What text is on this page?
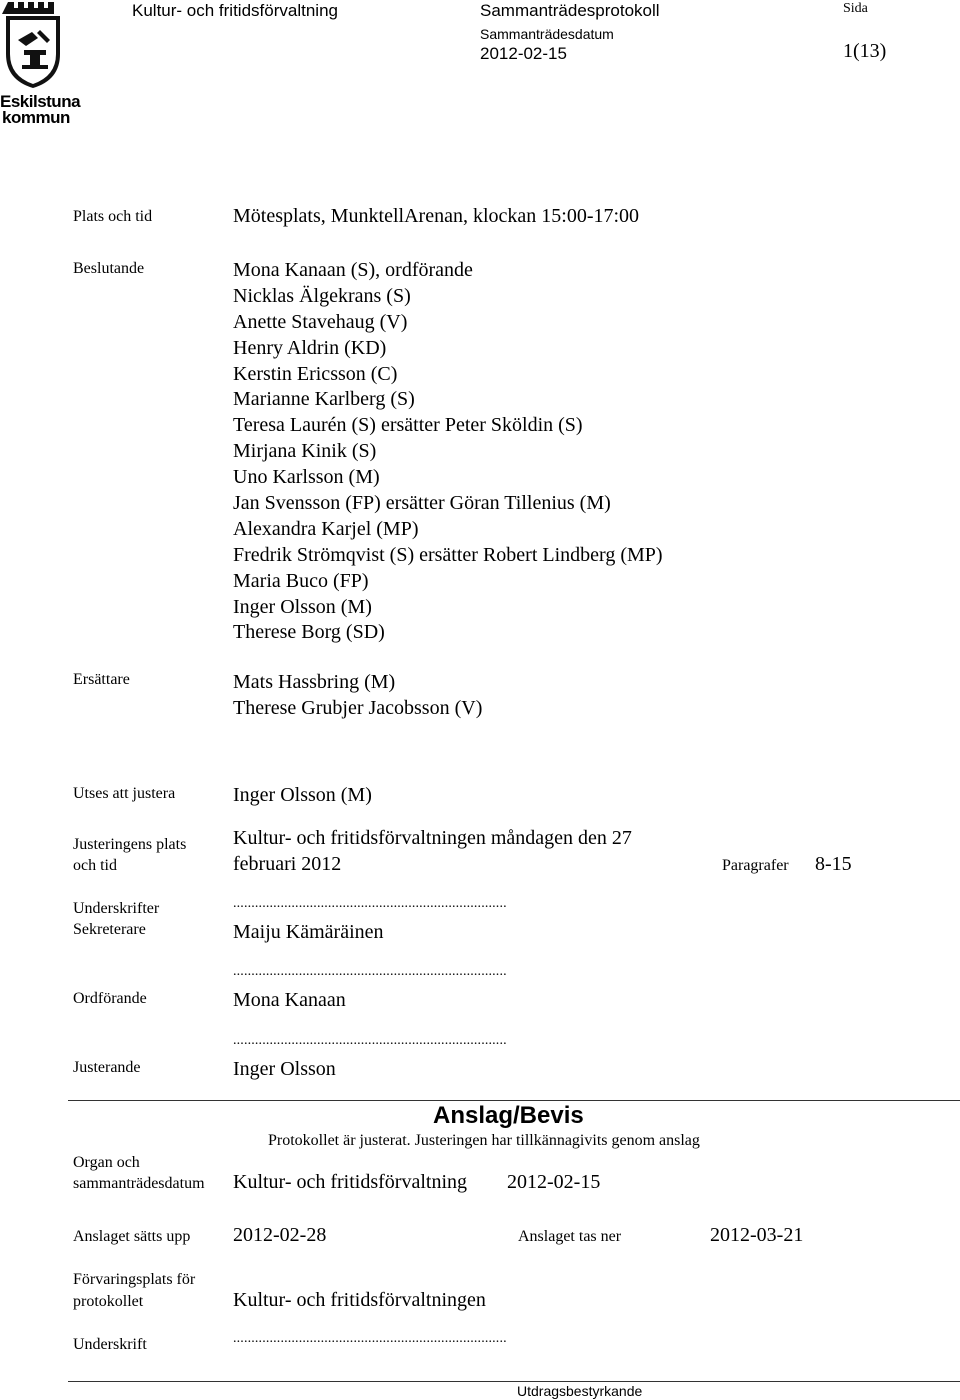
Eskilstuna
kommun
Kultur- och fritidsförvaltning	Sammanträdesprotokoll
Sammanträdesdatum
2012-02-15
Sida
1(13)
Plats och tid	Mötesplats, MunktellArenan, klockan 15:00-17:00
Beslutande	Mona Kanaan (S), ordförande
Nicklas Älgekrans (S)
Anette Stavehaug (V)
Henry Aldrin (KD)
Kerstin Ericsson (C)
Marianne Karlberg (S)
Teresa Laurén (S) ersätter Peter Sköldin (S)
Mirjana Kinik (S)
Uno Karlsson (M)
Jan Svensson (FP) ersätter Göran Tillenius (M)
Alexandra Karjel (MP)
Fredrik Strömqvist (S) ersätter Robert Lindberg (MP)
Maria Buco (FP)
Inger Olsson (M)
Therese Borg (SD)
Ersättare	Mats Hassbring (M)
Therese Grubjer Jacobsson (V)
Utses att justera	Inger Olsson (M)
Justeringens plats
och tid
Kultur- och fritidsförvaltningen måndagen den 27
februari 2012	Paragrafer 8-15
Underskrifter	...........................................................................
Sekreterare	Maiju Kämäräinen
...........................................................................
Ordförande	Mona Kanaan
...........................................................................
Justerande	Inger Olsson
Anslag/Bevis
Protokollet är justerat. Justeringen har tillkännagivits genom anslag
Organ och
sammanträdesdatum Kultur- och fritidsförvaltning 2012-02-15
Anslaget sätts upp 2012-02-28	Anslaget tas ner	2012-03-21
Förvaringsplats för
protokollet	Kultur- och fritidsförvaltningen
Underskrift	...........................................................................
Utdragsbestyrkande
